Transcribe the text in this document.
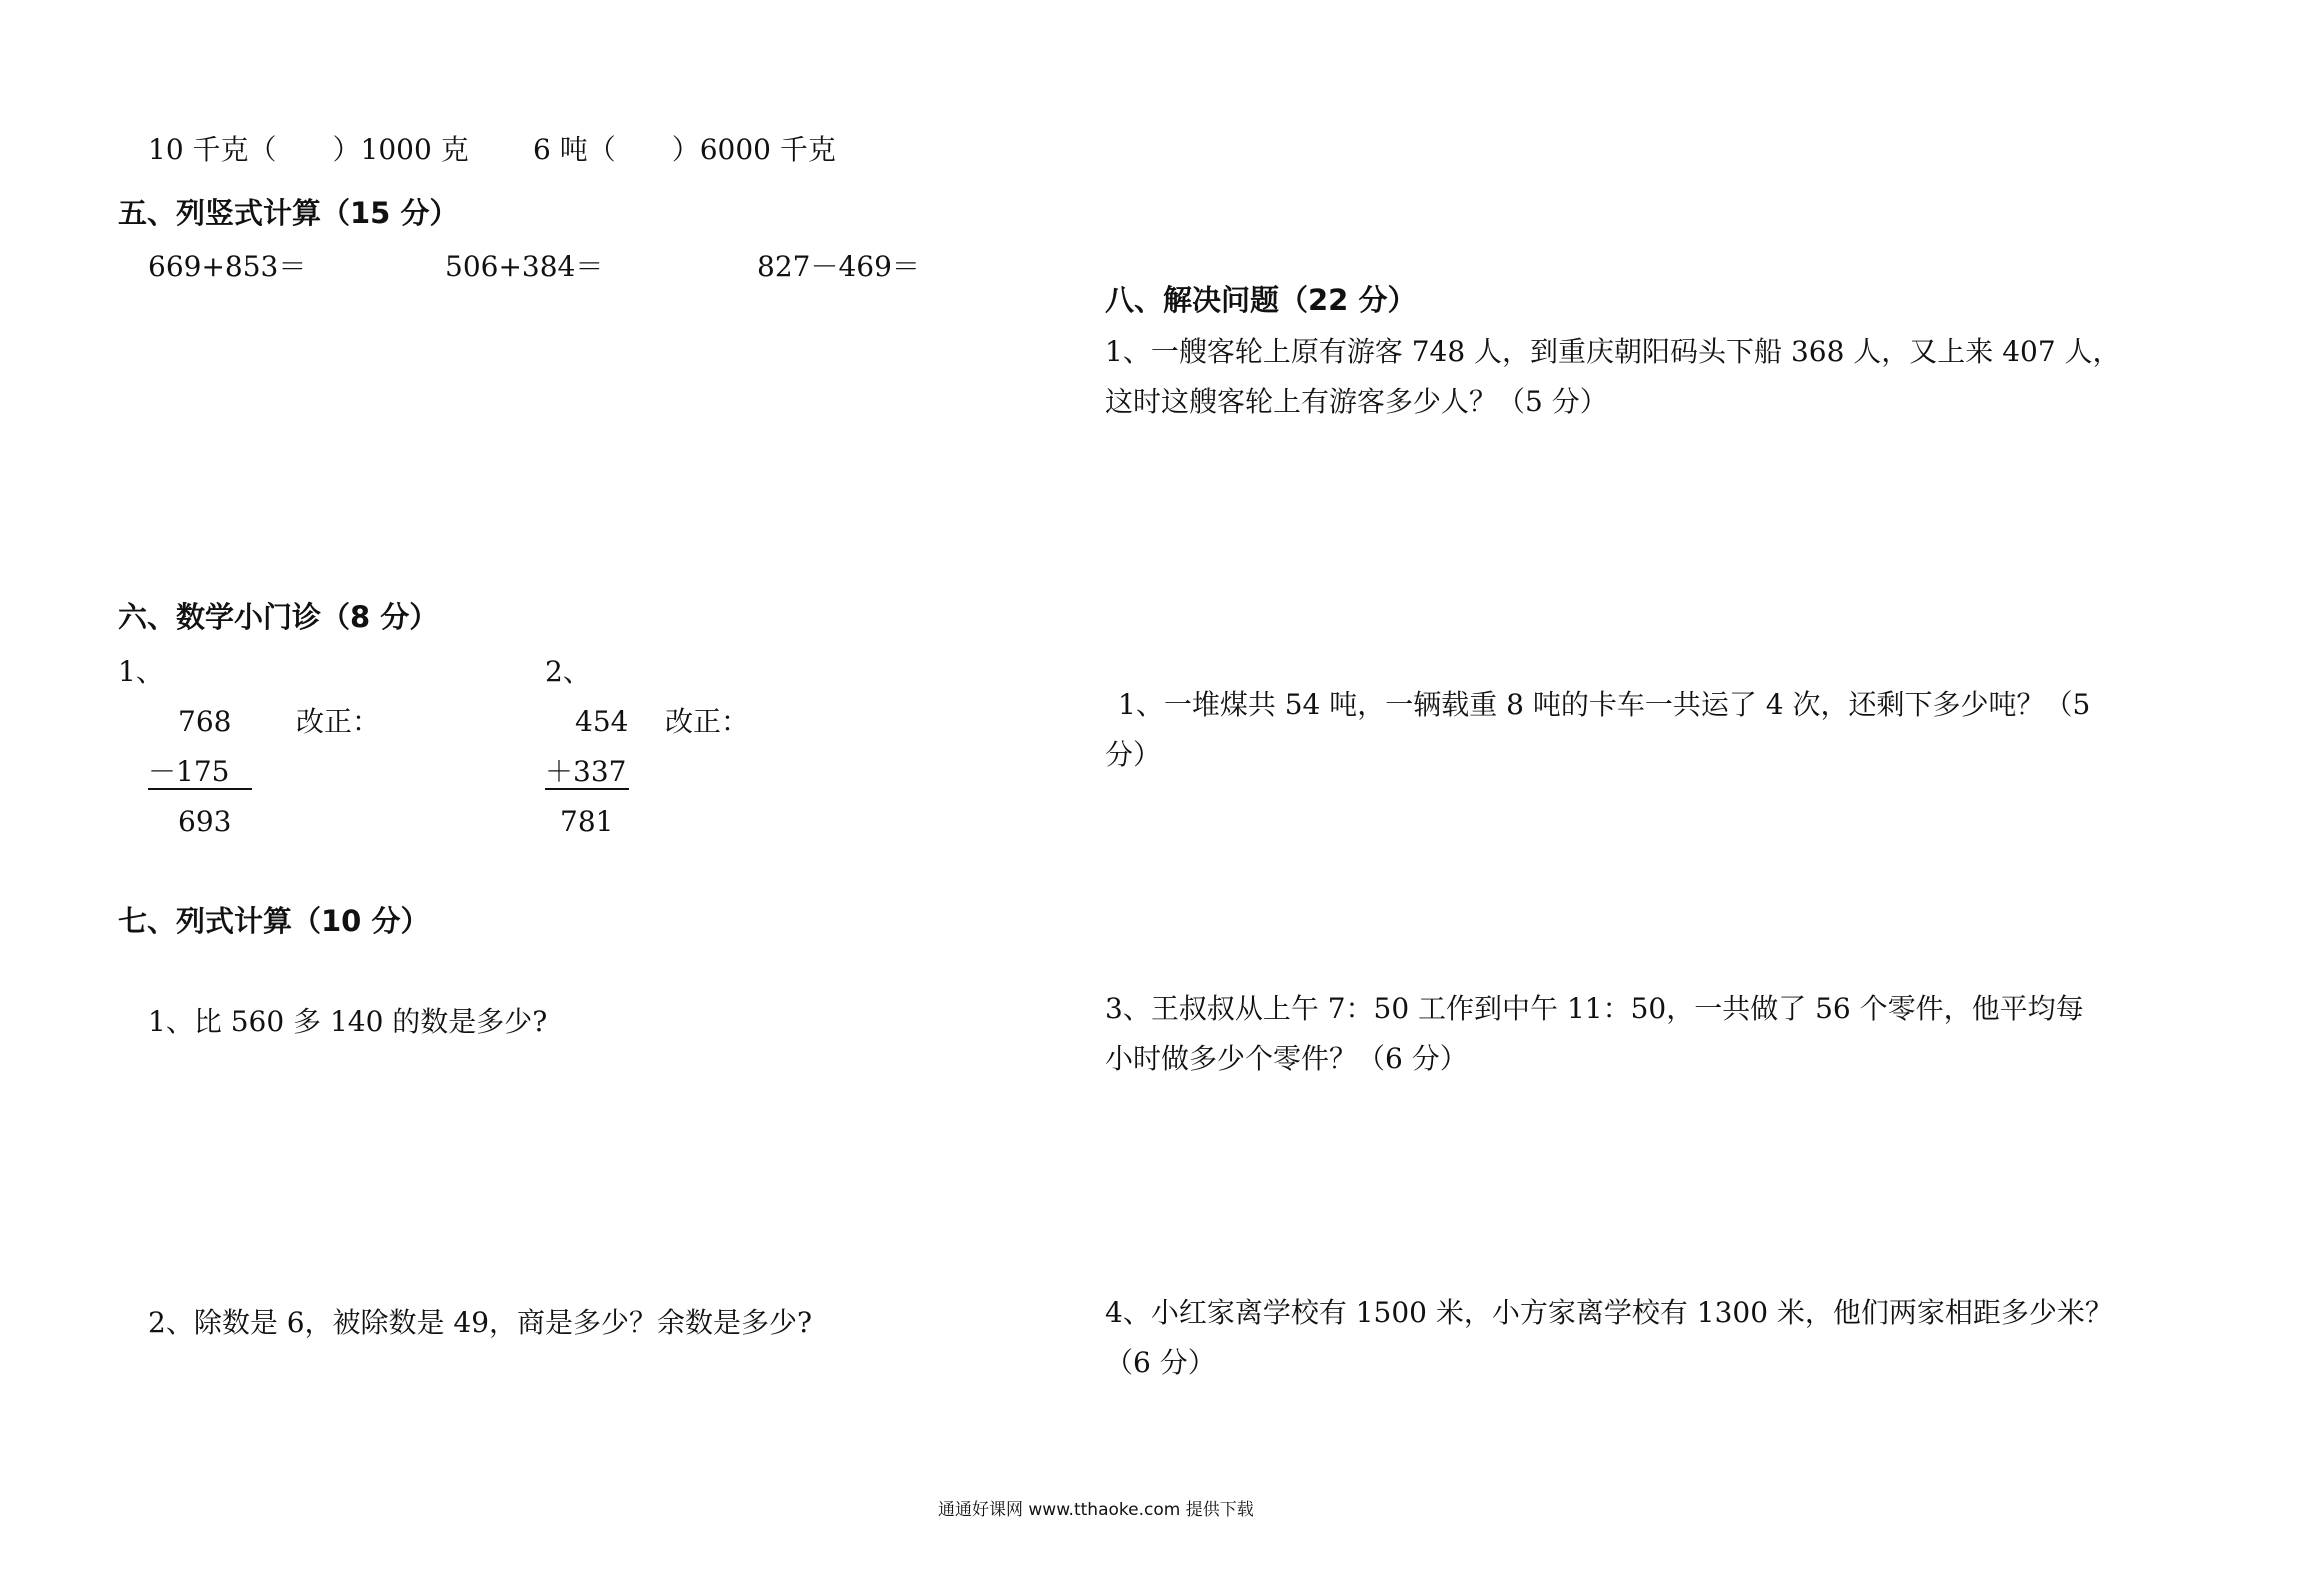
10 千克（　　）1000 克 6 吨（　　）6000 千克
五、列竖式计算（15 分）
669+853＝	506+384＝	827－469＝
六、数学小门诊（8 分）
1、
768 改正：
－175
693
2、
454 改正：
＋337
781
七、列式计算（10 分）
1、比 560 多 140 的数是多少?
2、除数是 6，被除数是 49，商是多少？余数是多少?
八、解决问题（22 分）
1、一艘客轮上原有游客 748 人，到重庆朝阳码头下船 368 人，又上来 407 人，
这时这艘客轮上有游客多少人？（5 分）
1、一堆煤共 54 吨，一辆载重 8 吨的卡车一共运了 4 次，还剩下多少吨？（5
分）
3、王叔叔从上午 7：50 工作到中午 11：50，一共做了 56 个零件，他平均每
小时做多少个零件？（6 分）
4、小红家离学校有 1500 米，小方家离学校有 1300 米，他们两家相距多少米？
（6 分）
通通好课网 www.tthaoke.com 提供下载
